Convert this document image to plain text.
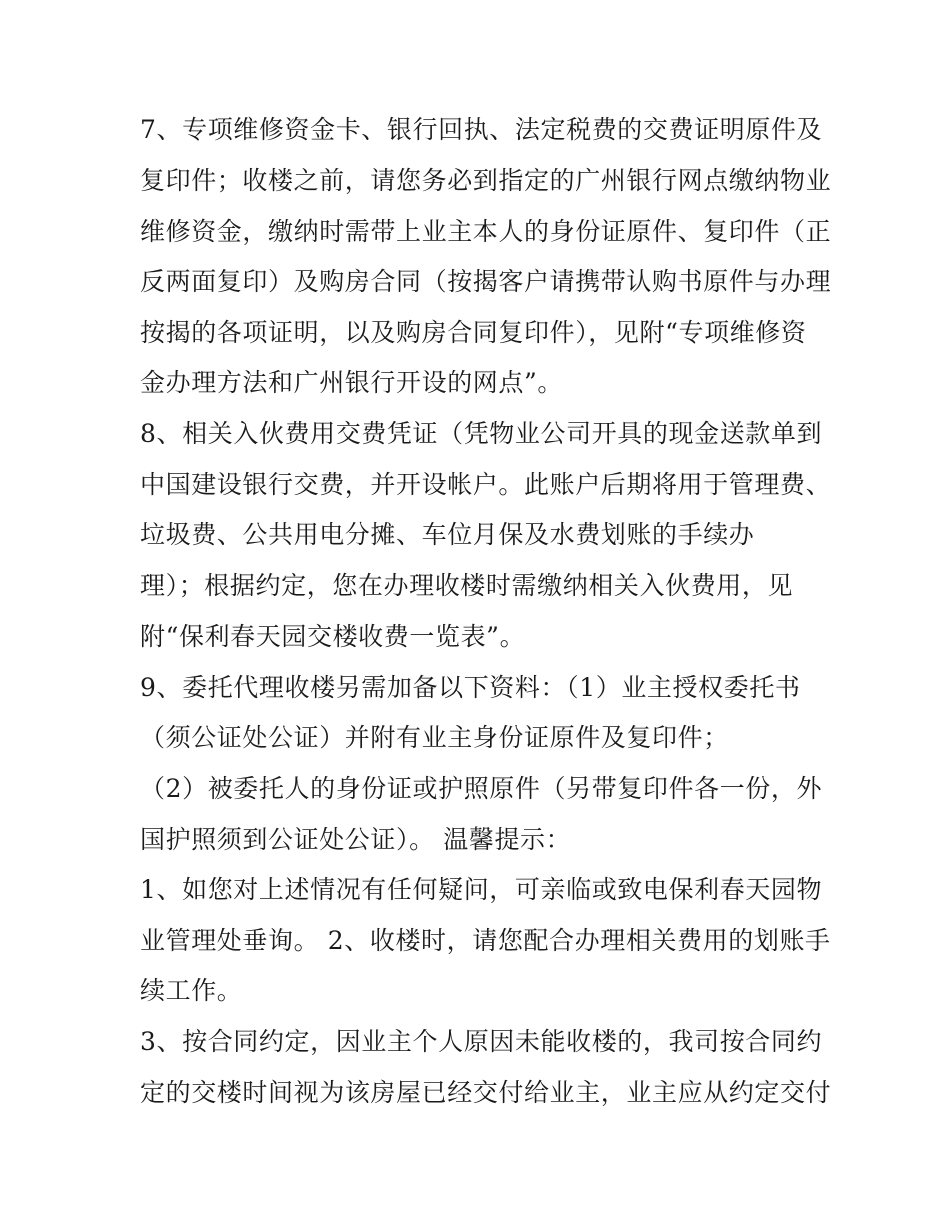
7、专项维修资金卡、银行回执、法定税费的交费证明原件及
复印件；收楼之前，请您务必到指定的广州银行网点缴纳物业
维修资金，缴纳时需带上业主本人的身份证原件、复印件（正
反两面复印）及购房合同（按揭客户请携带认购书原件与办理
按揭的各项证明，以及购房合同复印件），见附“专项维修资
金办理方法和广州银行开设的网点”。
8、相关入伙费用交费凭证（凭物业公司开具的现金送款单到
中国建设银行交费，并开设帐户。此账户后期将用于管理费、
垃圾费、公共用电分摊、车位月保及水费划账的手续办
理）；根据约定，您在办理收楼时需缴纳相关入伙费用，见
附“保利春天园交楼收费一览表”。
9、委托代理收楼另需加备以下资料：（1）业主授权委托书
（须公证处公证）并附有业主身份证原件及复印件；
（2）被委托人的身份证或护照原件（另带复印件各一份，外
国护照须到公证处公证）。 温馨提示：
1、如您对上述情况有任何疑问，可亲临或致电保利春天园物
业管理处垂询。 2、收楼时，请您配合办理相关费用的划账手
续工作。
3、按合同约定，因业主个人原因未能收楼的，我司按合同约
定的交楼时间视为该房屋已经交付给业主，业主应从约定交付
